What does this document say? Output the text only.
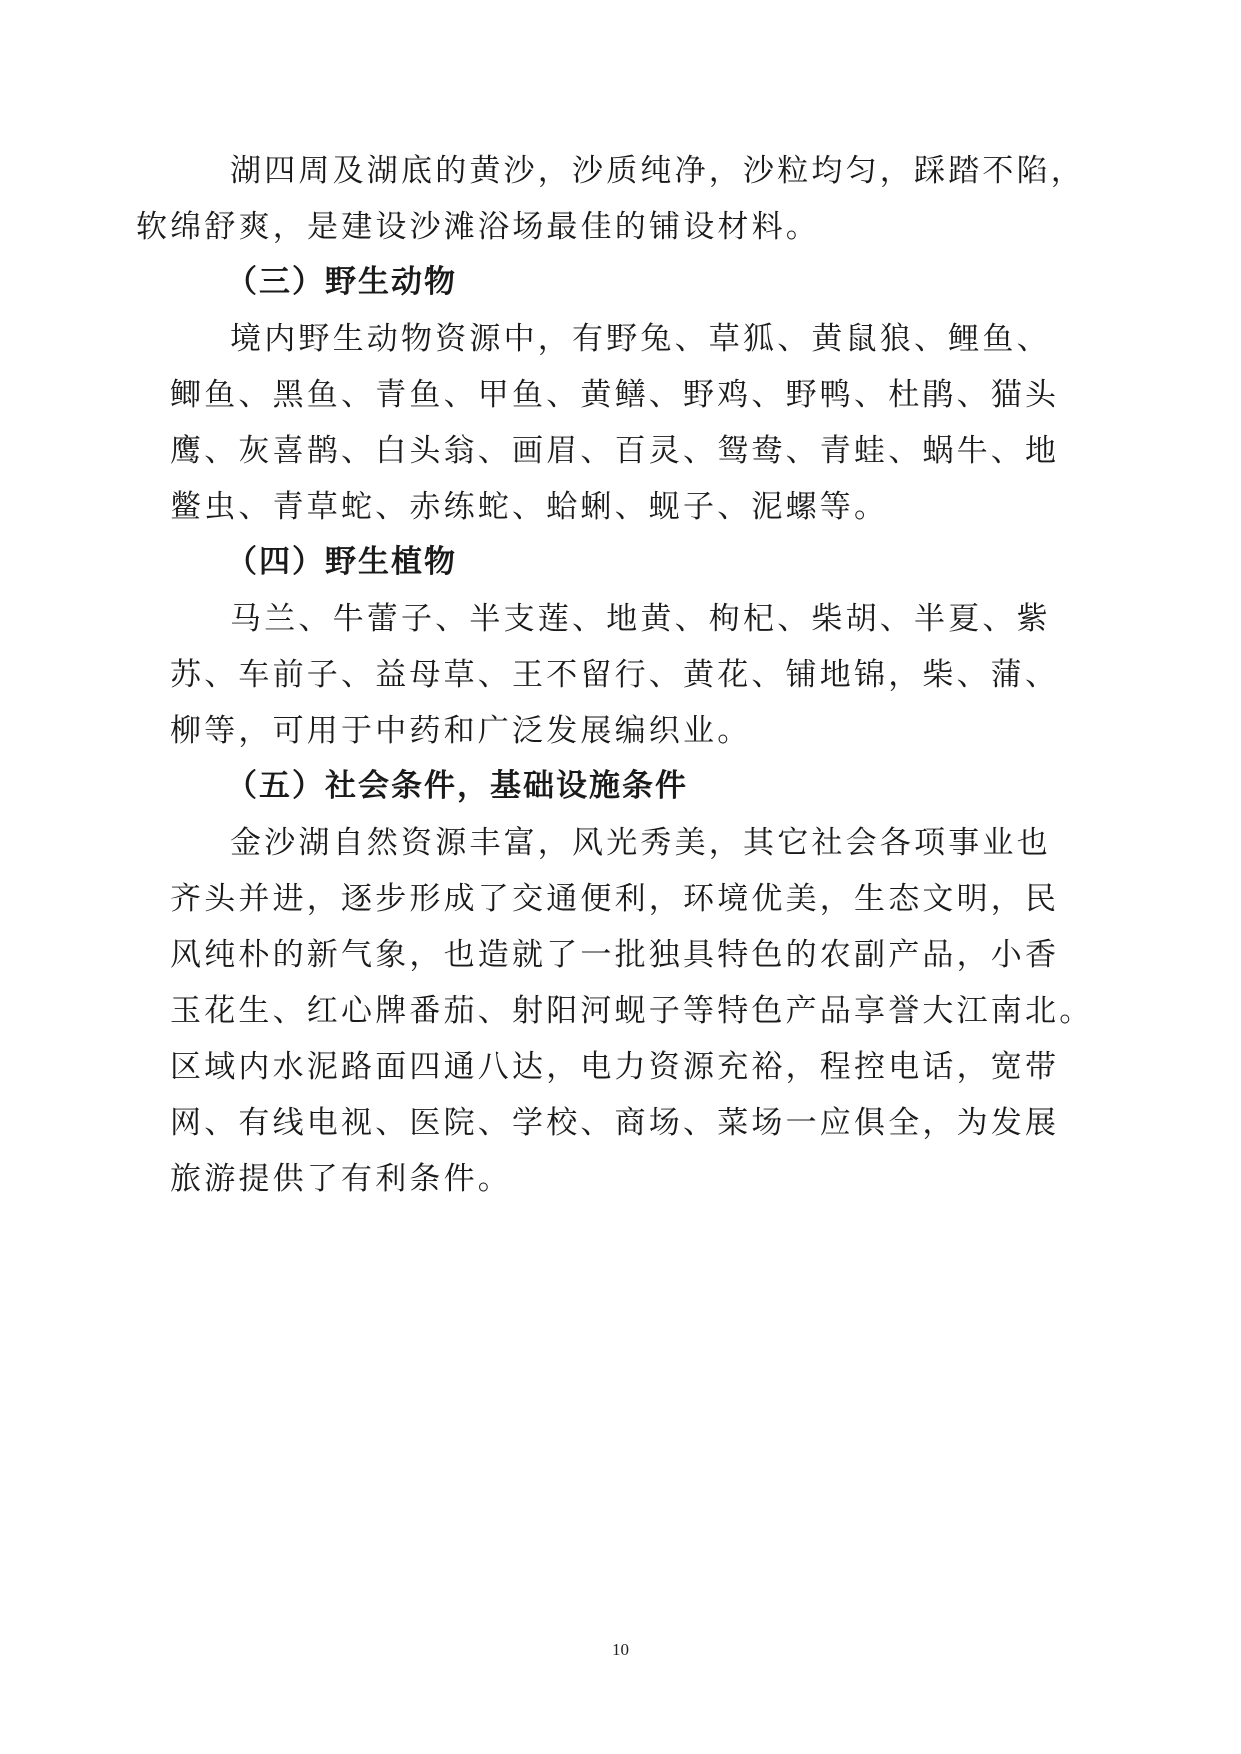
湖四周及湖底的黄沙，沙质纯净，沙粒均匀，踩踏不陷，
软绵舒爽，是建设沙滩浴场最佳的铺设材料。
（三）野生动物
境内野生动物资源中，有野兔、草狐、黄鼠狼、鲤鱼、
鲫鱼、黑鱼、青鱼、甲鱼、黄鳝、野鸡、野鸭、杜鹃、猫头
鹰、灰喜鹊、白头翁、画眉、百灵、鸳鸯、青蛙、蜗牛、地
鳖虫、青草蛇、赤练蛇、蛤蜊、蚬子、泥螺等。
（四）野生植物
马兰、牛蕾子、半支莲、地黄、枸杞、柴胡、半夏、紫
苏、车前子、益母草、王不留行、黄花、铺地锦，柴、蒲、
柳等，可用于中药和广泛发展编织业。
（五）社会条件，基础设施条件
金沙湖自然资源丰富，风光秀美，其它社会各项事业也
齐头并进，逐步形成了交通便利，环境优美，生态文明，民
风纯朴的新气象，也造就了一批独具特色的农副产品，小香
玉花生、红心牌番茄、射阳河蚬子等特色产品享誉大江南北。
区域内水泥路面四通八达，电力资源充裕，程控电话，宽带
网、有线电视、医院、学校、商场、菜场一应俱全，为发展
旅游提供了有利条件。
10
